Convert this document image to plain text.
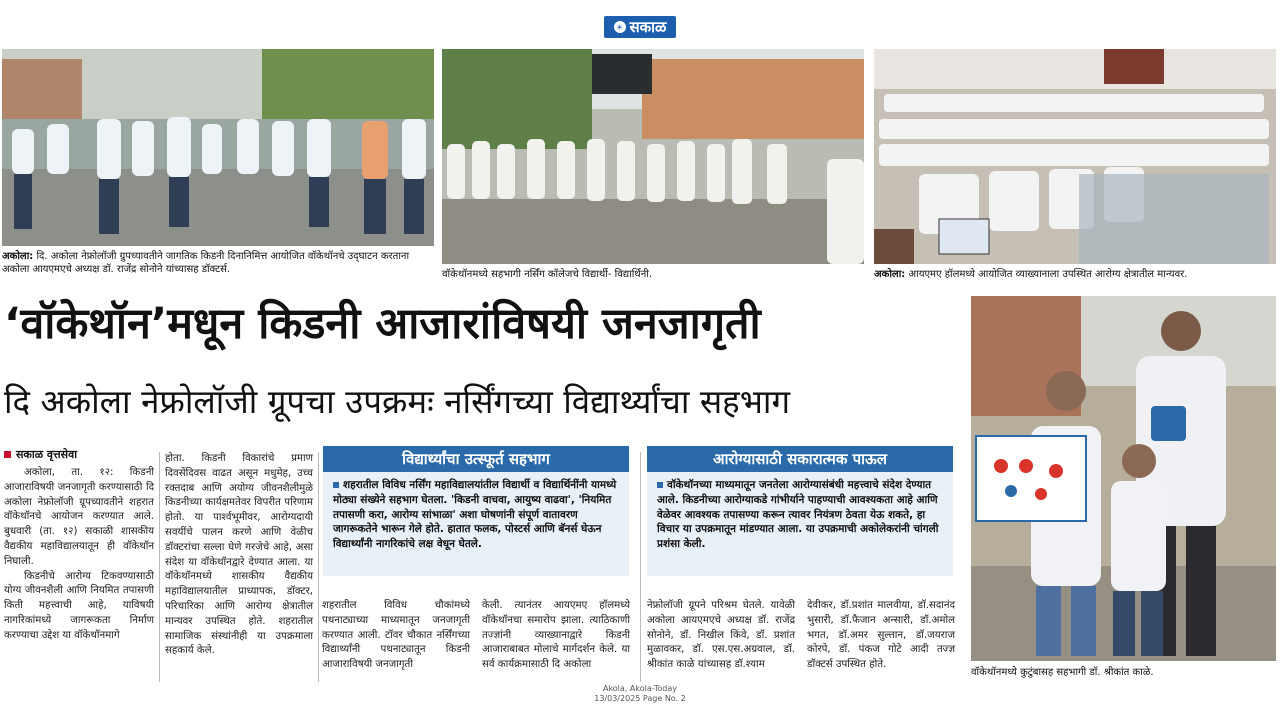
☀ सकाळ
अकोला: दि. अकोला नेफ्रोलॉजी ग्रुपच्यावतीने जागतिक किडनी दिनानिमित्त आयोजित वॉकेथॉनचे उद्‍घाटन करताना अकोला आयएमएचे अध्यक्ष डॉ. राजेंद्र सोनोने यांच्यासह डॉक्टर्स.	वॉकेथॉनमध्ये सहभागी नर्सिंग कॉलेजचे विद्यार्थी- विद्यार्थिनी.	अकोला: आयएमए हॉलमध्ये आयोजित व्याख्यानाला उपस्थित आरोग्य क्षेत्रातील मान्यवर.
‘वॉकेथॉन’मधून किडनी आजारांविषयी जनजागृती
दि अकोला नेफ्रोलॉजी ग्रूपचा उपक्रमः नर्सिंगच्या विद्यार्थ्यांचा सहभाग
वॉकेथॉनमध्ये कुटुंबासह सहभागी डॉ. श्रीकांत काळे.
सकाळ वृत्तसेवा

अकोला, ता. १२: किडनी आजाराविषयी जनजागृती करण्यासाठी दि अकोला नेफ्रोलॉजी ग्रूपच्यावतीने शहरात वॉकेथॉनचे आयोजन करण्यात आले. बुधवारी (ता. १२) सकाळी शासकीय वैद्यकीय महाविद्यालयातून ही वॉकेथॉन निघाली.

किडनीचे आरोग्य टिकवण्यासाठी योग्य जीवनशैली आणि नियमित तपासणी किती महत्त्वाची आहे, याविषयी नागरिकांमध्ये जागरूकता निर्माण करण्याचा उद्देश या वॉकेथॉनमागे

होता. किडनी विकारांचे प्रमाण दिवसेंदिवस वाढत असून मधुमेह, उच्च रक्तदाब आणि अयोग्य जीवनशैलीमुळे किडनीच्या कार्यक्षमतेवर विपरीत परिणाम होतो. या पार्श्वभूमीवर, आरोग्यदायी सवयींचे पालन करणे आणि वेळीच डॉक्टरांचा सल्ला घेणे गरजेचे आहे, असा संदेश या वॉकेथॉनद्वारे देण्यात आला. या वॉकेथॉनमध्ये शासकीय वैद्यकीय महाविद्यालयातील प्राध्यापक, डॉक्टर, परिचारिका आणि आरोग्य क्षेत्रातील मान्यवर उपस्थित होते. शहरातील सामाजिक संस्थांनीही या उपक्रमाला सहकार्य केले.
शहरातील विविध चौकांमध्ये पथनाट्याच्या माध्यमातून जनजागृती करण्यात आली. टॉवर चौकात नर्सिंगच्या विद्यार्थ्यांनी पथनाट्यातून किडनी आजाराविषयी जनजागृती
केली. त्यानंतर आयएमए हॉलमध्ये वॉकेथॉनचा समारोप झाला. त्याठिकाणी तज्ज्ञांनी व्याख्यानाद्वारे किडनी आजाराबाबत मोलाचे मार्गदर्शन केले. या सर्व कार्यक्रमासाठी दि अकोला
नेफ्रोलॉजी ग्रूपने परिश्रम घेतले. यावेळी अकोला आयएमएचे अध्यक्ष डॉ. राजेंद्र सोनोने, डॉ. निखील किंवे, डॉ. प्रशांत मुळावकर, डॉ. एस.एस.अग्रवाल, डॉ. श्रीकांत काळे यांच्यासह डॉ.श्याम
देवीकर, डॉ.प्रशांत मालवीया, डॉ.सदानंद भुसारी, डॉ.फैजान अन्सारी, डॉ.अमोल भगत, डॉ.अमर सुल्तान, डॉ.जयराज कोरपे, डॉ. पंकज गोटे आदी तज्ज्ञ डॉक्टर्स उपस्थित होते.
विद्यार्थ्यांचा उत्स्फूर्त सहभाग
शहरातील विविध नर्सिंग महाविद्यालयांतील विद्यार्थी व विद्यार्थिनींनी यामध्ये मोठ्या संख्येने सहभाग घेतला. 'किडनी वाचवा, आयुष्य वाढवा', 'नियमित तपासणी करा, आरोग्य सांभाळा' अशा घोषणांनी संपूर्ण वातावरण जागरूकतेने भारून गेले होते. हातात फलक, पोस्टर्स आणि बॅनर्स घेऊन विद्यार्थ्यांनी नागरिकांचे लक्ष वेधून घेतले.
आरोग्यासाठी सकारात्मक पाऊल
वॉकेथॉनच्या माध्यमातून जनतेला आरोग्यासंबंधी महत्त्वाचे संदेश देण्यात आले. किडनीच्या आरोग्याकडे गांभीर्याने पाहण्याची आवश्यकता आहे आणि वेळेवर आवश्यक तपासण्या करून त्यावर नियंत्रण ठेवता येऊ शकते, हा विचार या उपक्रमातून मांडण्यात आला. या उपक्रमाची अकोलेकरांनी चांगली प्रशंसा केली.
Akola, Akola-Today
13/03/2025 Page No. 2
